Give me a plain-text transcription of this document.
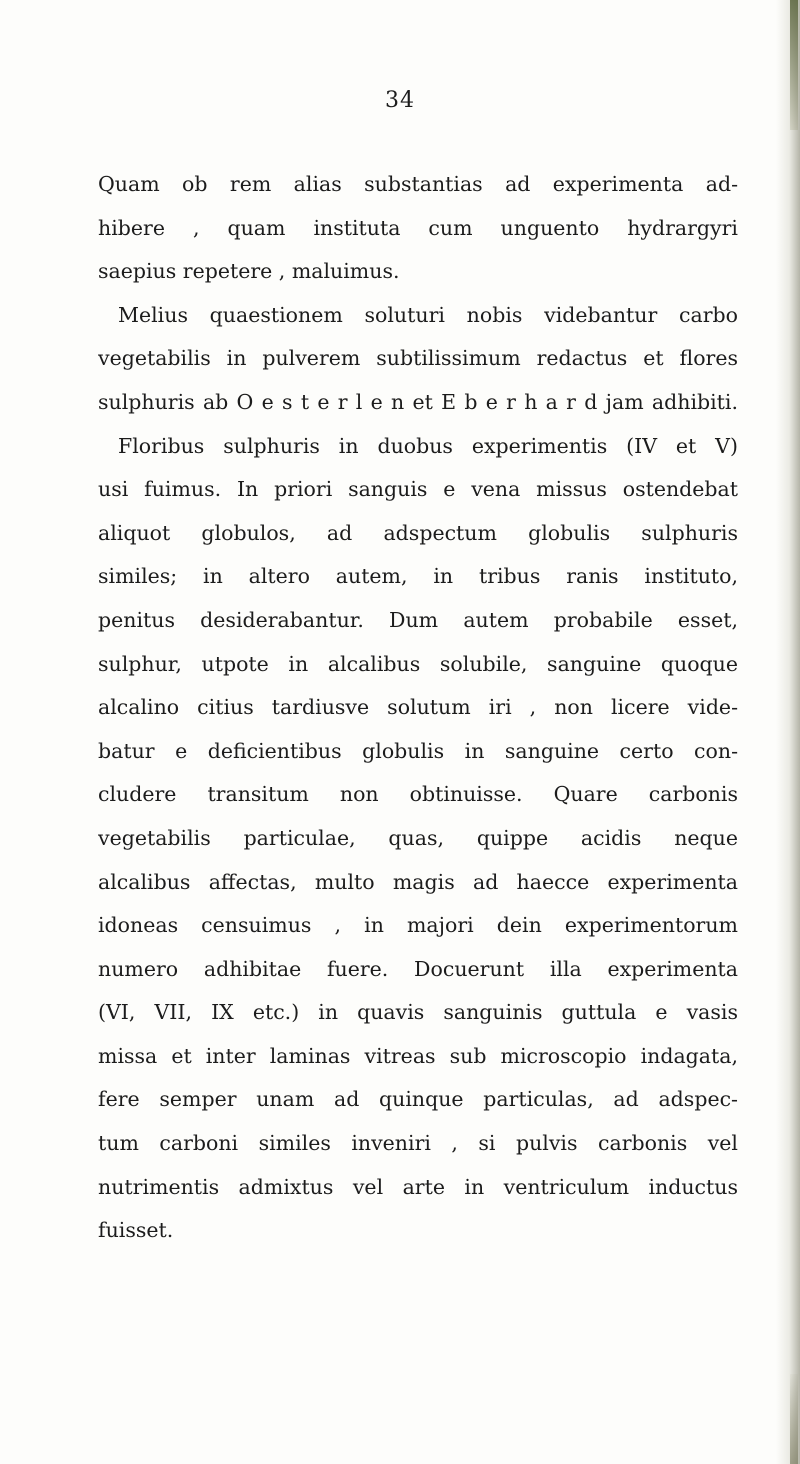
34
Quam ob rem alias substantias ad experimenta ad-
hibere , quam instituta cum unguento hydrargyri
saepius repetere , maluimus.
Melius quaestionem soluturi nobis videbantur carbo
vegetabilis in pulverem subtilissimum redactus et flores
sulphuris ab O e s t e r l e n et E b e r h a r d jam adhibiti.
Floribus sulphuris in duobus experimentis (IV et V)
usi fuimus. In priori sanguis e vena missus ostendebat
aliquot globulos, ad adspectum globulis sulphuris
similes; in altero autem, in tribus ranis instituto,
penitus desiderabantur. Dum autem probabile esset,
sulphur, utpote in alcalibus solubile, sanguine quoque
alcalino citius tardiusve solutum iri , non licere vide-
batur e deficientibus globulis in sanguine certo con-
cludere transitum non obtinuisse. Quare carbonis
vegetabilis particulae, quas, quippe acidis neque
alcalibus affectas, multo magis ad haecce experimenta
idoneas censuimus , in majori dein experimentorum
numero adhibitae fuere. Docuerunt illa experimenta
(VI, VII, IX etc.) in quavis sanguinis guttula e vasis
missa et inter laminas vitreas sub microscopio indagata,
fere semper unam ad quinque particulas, ad adspec-
tum carboni similes inveniri , si pulvis carbonis vel
nutrimentis admixtus vel arte in ventriculum inductus
fuisset.
